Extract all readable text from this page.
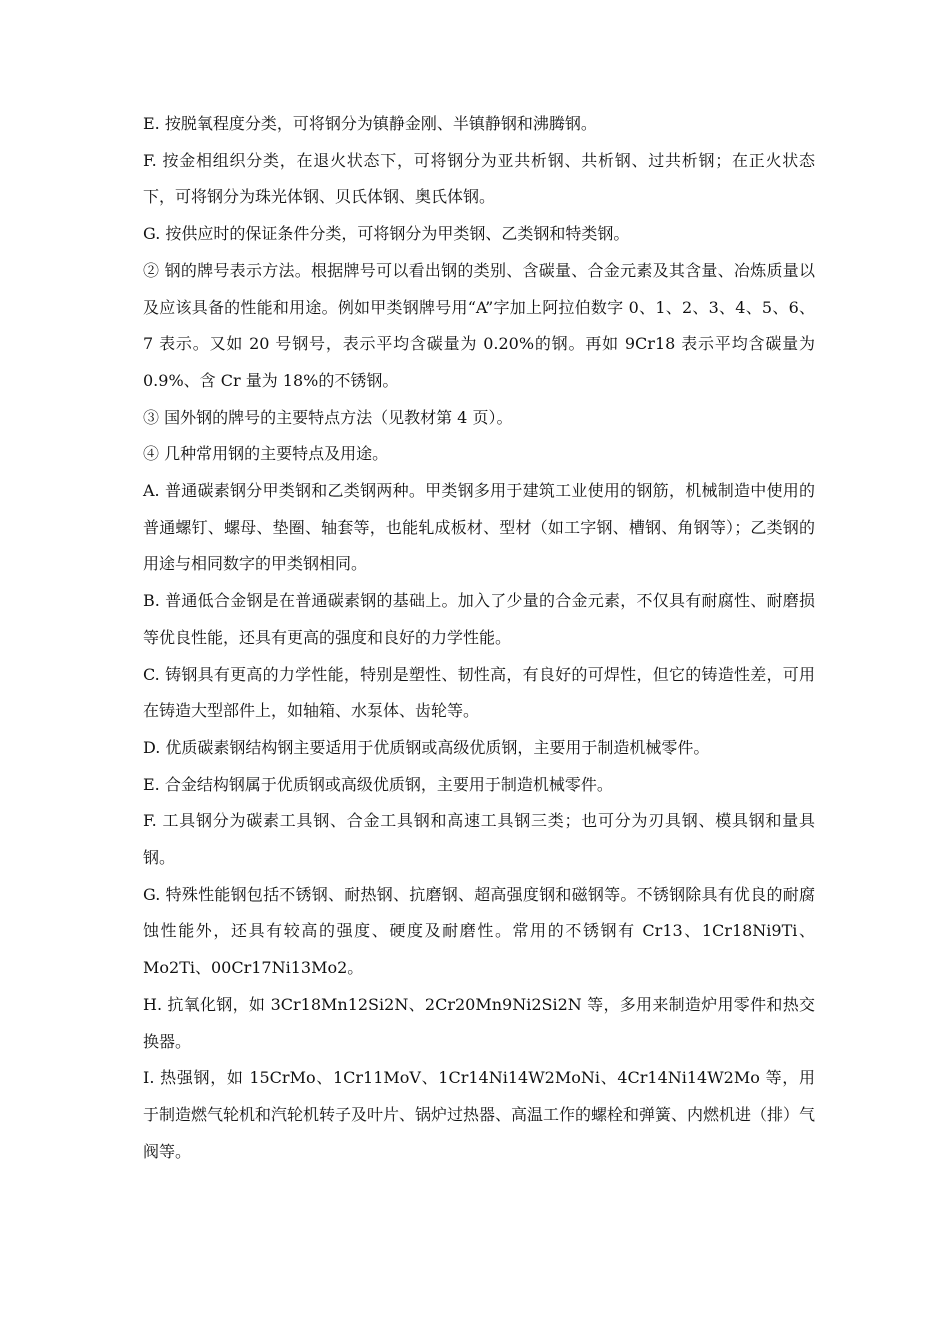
E. 按脱氧程度分类，可将钢分为镇静金刚、半镇静钢和沸腾钢。

F. 按金相组织分类，在退火状态下，可将钢分为亚共析钢、共析钢、过共析钢；在正火状态下，可将钢分为珠光体钢、贝氏体钢、奥氏体钢。

G. 按供应时的保证条件分类，可将钢分为甲类钢、乙类钢和特类钢。

② 钢的牌号表示方法。根据牌号可以看出钢的类别、含碳量、合金元素及其含量、冶炼质量以及应该具备的性能和用途。例如甲类钢牌号用“A”字加上阿拉伯数字 0、1、2、3、4、5、6、7 表示。又如 20 号钢号，表示平均含碳量为 0.20%的钢。再如 9Cr18 表示平均含碳量为 0.9%、含 Cr 量为 18%的不锈钢。

③ 国外钢的牌号的主要特点方法（见教材第 4 页）。

④ 几种常用钢的主要特点及用途。

A. 普通碳素钢分甲类钢和乙类钢两种。甲类钢多用于建筑工业使用的钢筋，机械制造中使用的普通螺钉、螺母、垫圈、轴套等，也能轧成板材、型材（如工字钢、槽钢、角钢等）；乙类钢的用途与相同数字的甲类钢相同。

B. 普通低合金钢是在普通碳素钢的基础上。加入了少量的合金元素，不仅具有耐腐性、耐磨损等优良性能，还具有更高的强度和良好的力学性能。

C. 铸钢具有更高的力学性能，特别是塑性、韧性高，有良好的可焊性，但它的铸造性差，可用在铸造大型部件上，如轴箱、水泵体、齿轮等。

D. 优质碳素钢结构钢主要适用于优质钢或高级优质钢，主要用于制造机械零件。

E. 合金结构钢属于优质钢或高级优质钢，主要用于制造机械零件。

F. 工具钢分为碳素工具钢、合金工具钢和高速工具钢三类；也可分为刃具钢、模具钢和量具钢。

G. 特殊性能钢包括不锈钢、耐热钢、抗磨钢、超高强度钢和磁钢等。不锈钢除具有优良的耐腐蚀性能外，还具有较高的强度、硬度及耐磨性。常用的不锈钢有 Cr13、1Cr18Ni9Ti、Mo2Ti、00Cr17Ni13Mo2。

H. 抗氧化钢，如 3Cr18Mn12Si2N、2Cr20Mn9Ni2Si2N 等，多用来制造炉用零件和热交换器。

I. 热强钢，如 15CrMo、1Cr11MoV、1Cr14Ni14W2MoNi、4Cr14Ni14W2Mo 等，用于制造燃气轮机和汽轮机转子及叶片、锅炉过热器、高温工作的螺栓和弹簧、内燃机进（排）气阀等。
